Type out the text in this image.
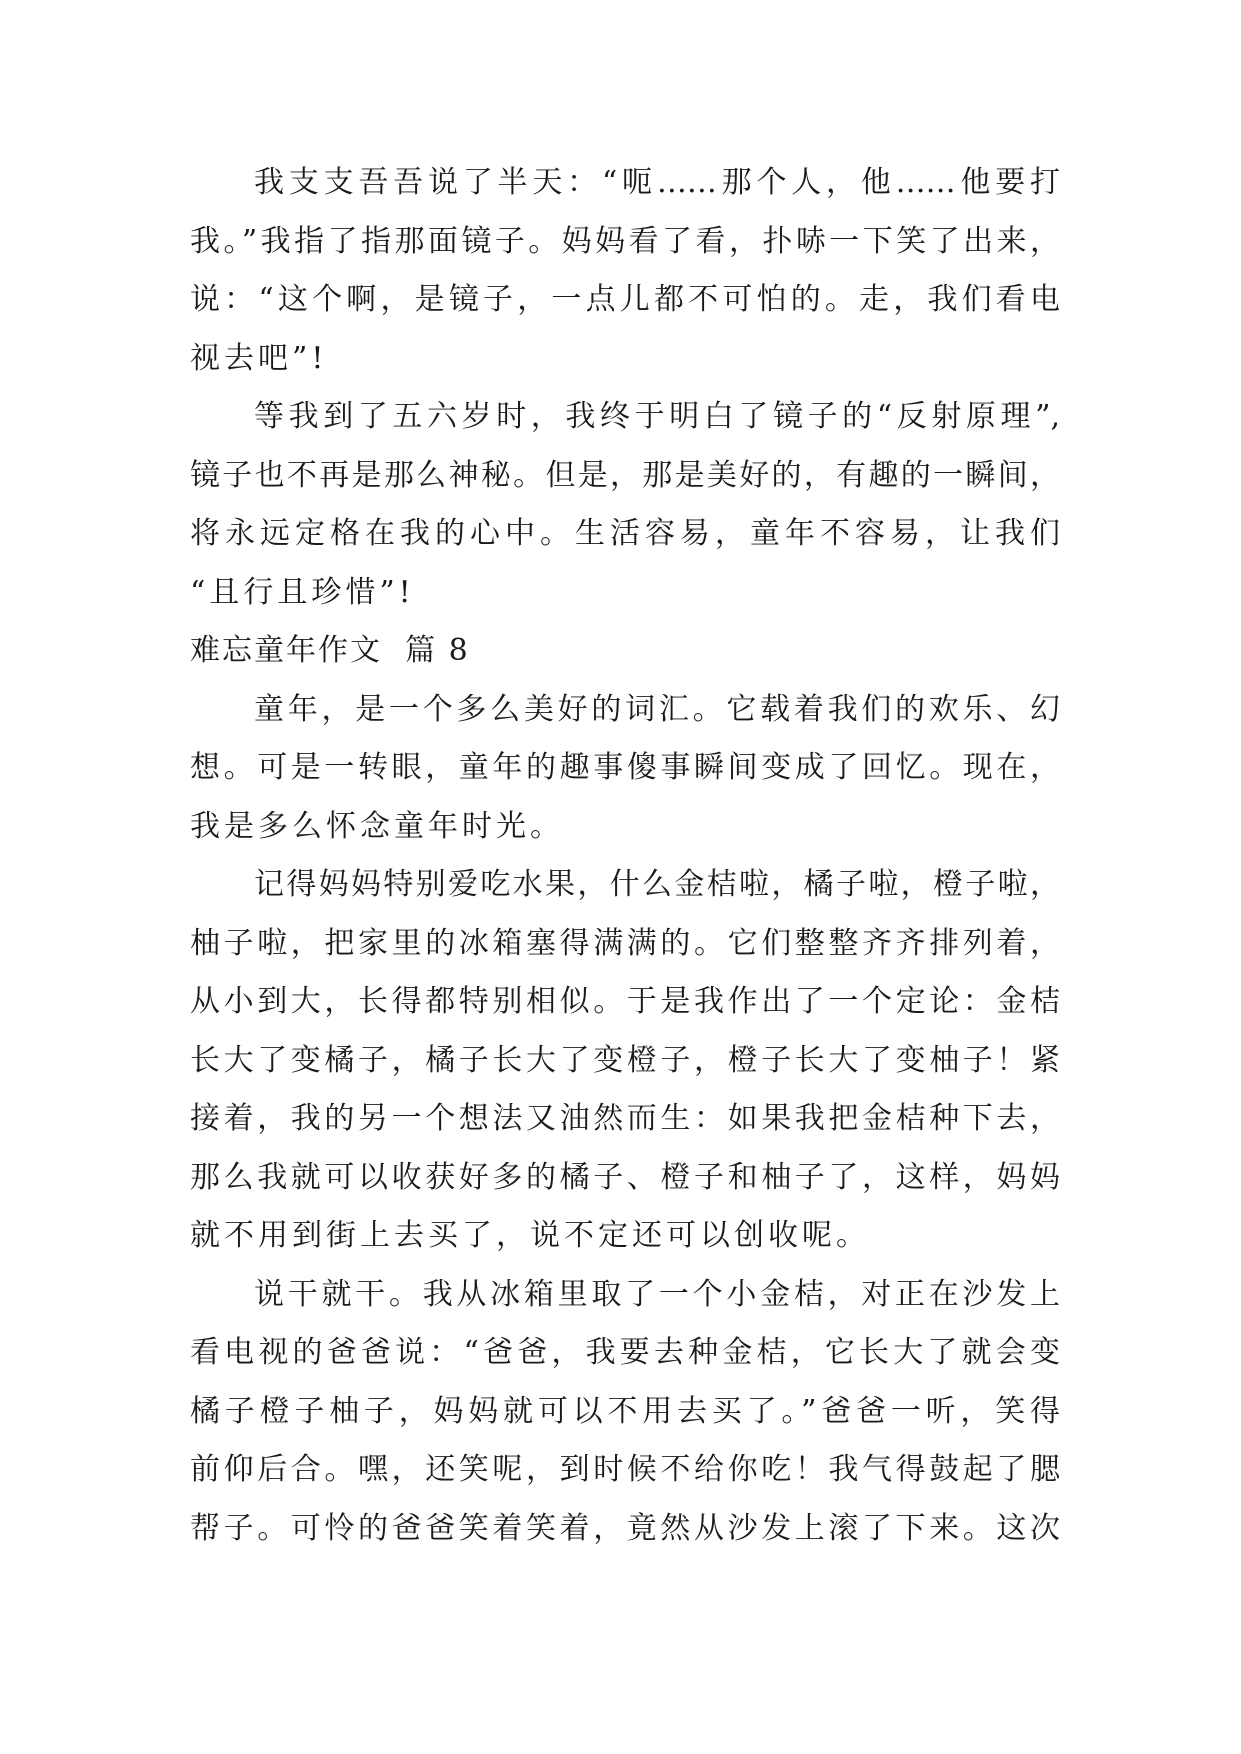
我支支吾吾说了半天：“呃……那个人，他……他要打
我。”我指了指那面镜子。妈妈看了看，扑哧一下笑了出来，
说：“这个啊，是镜子，一点儿都不可怕的。走，我们看电
视去吧”!
等我到了五六岁时，我终于明白了镜子的“反射原理”,
镜子也不再是那么神秘。但是，那是美好的，有趣的一瞬间，
将永远定格在我的心中。生活容易，童年不容易，让我们
“且行且珍惜”!
难忘童年作文  篇 8
童年，是一个多么美好的词汇。它载着我们的欢乐、幻
想。可是一转眼，童年的趣事傻事瞬间变成了回忆。现在，
我是多么怀念童年时光。
记得妈妈特别爱吃水果，什么金桔啦，橘子啦，橙子啦，
柚子啦，把家里的冰箱塞得满满的。它们整整齐齐排列着，
从小到大，长得都特别相似。于是我作出了一个定论：金桔
长大了变橘子，橘子长大了变橙子，橙子长大了变柚子！紧
接着，我的另一个想法又油然而生：如果我把金桔种下去，
那么我就可以收获好多的橘子、橙子和柚子了，这样，妈妈
就不用到街上去买了，说不定还可以创收呢。
说干就干。我从冰箱里取了一个小金桔，对正在沙发上
看电视的爸爸说：“爸爸，我要去种金桔，它长大了就会变
橘子橙子柚子，妈妈就可以不用去买了。”爸爸一听，笑得
前仰后合。嘿，还笑呢，到时候不给你吃！我气得鼓起了腮
帮子。可怜的爸爸笑着笑着，竟然从沙发上滚了下来。这次
